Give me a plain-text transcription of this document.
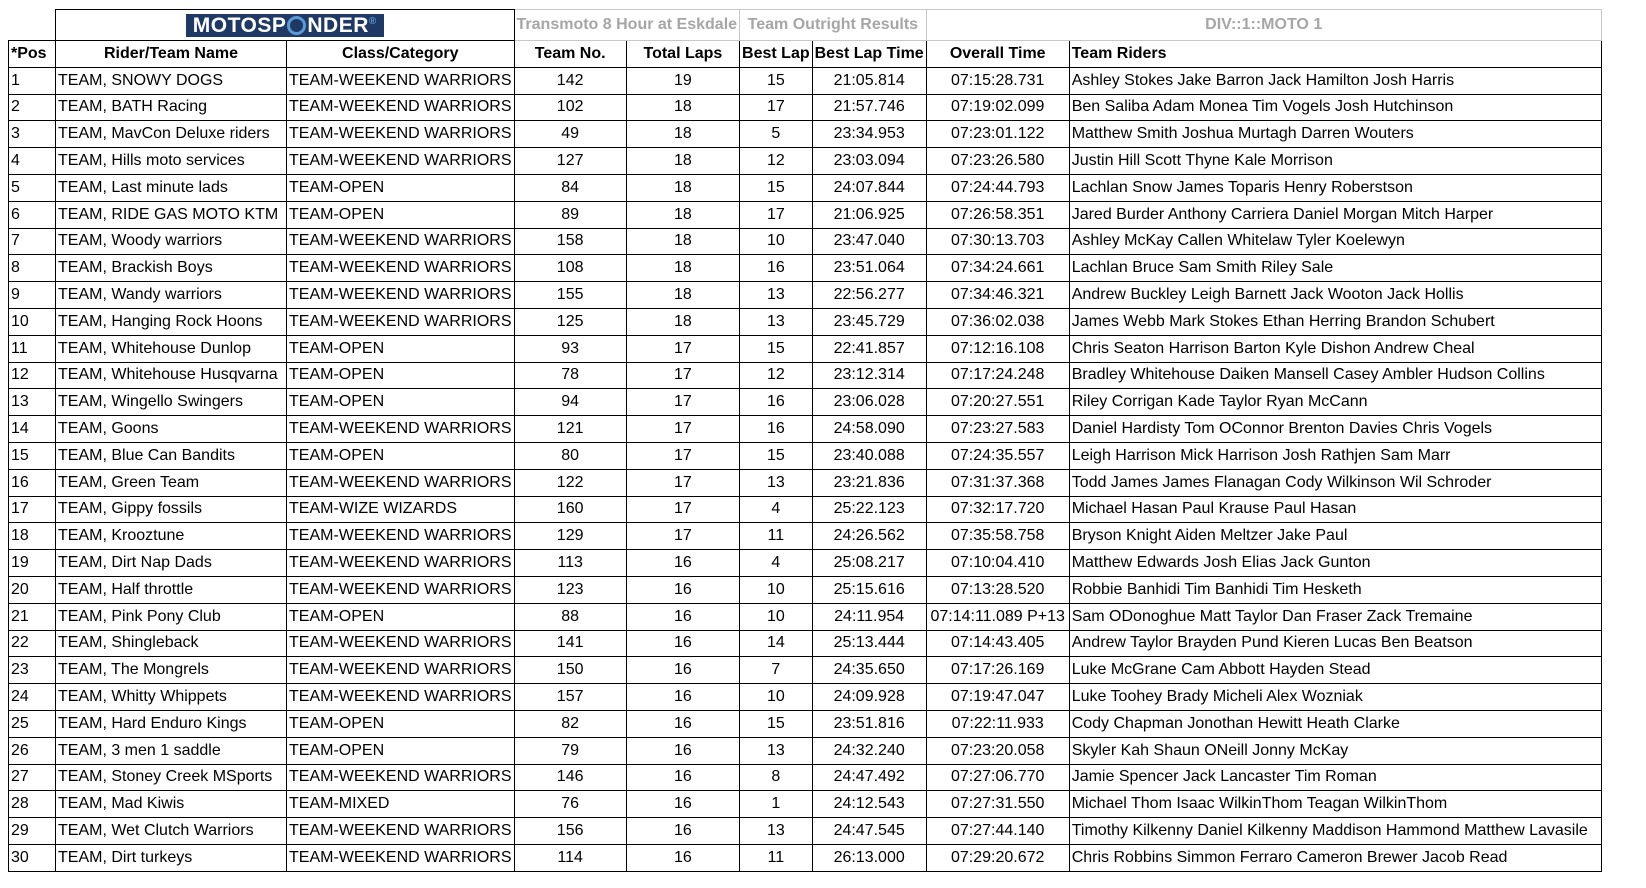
	MOTOSP NDER®		Transmoto 8 Hour at Eskdale		Team Outright Results		DIV::1::MOTO 1	
*Pos	Rider/Team Name	Class/Category	Team No.	Total Laps	Best Lap	Best Lap Time	Overall Time	Team Riders
1	TEAM, SNOWY DOGS	TEAM-WEEKEND WARRIORS	142	19	15	21:05.814	07:15:28.731	Ashley Stokes Jake Barron Jack Hamilton Josh Harris
2	TEAM, BATH Racing	TEAM-WEEKEND WARRIORS	102	18	17	21:57.746	07:19:02.099	Ben Saliba Adam Monea Tim Vogels Josh Hutchinson
3	TEAM, MavCon Deluxe riders	TEAM-WEEKEND WARRIORS	49	18	5	23:34.953	07:23:01.122	Matthew Smith Joshua Murtagh Darren Wouters
4	TEAM, Hills moto services	TEAM-WEEKEND WARRIORS	127	18	12	23:03.094	07:23:26.580	Justin Hill Scott Thyne Kale Morrison
5	TEAM, Last minute lads	TEAM-OPEN	84	18	15	24:07.844	07:24:44.793	Lachlan Snow James Toparis Henry Roberstson
6	TEAM, RIDE GAS MOTO KTM	TEAM-OPEN	89	18	17	21:06.925	07:26:58.351	Jared Burder Anthony Carriera Daniel Morgan Mitch Harper
7	TEAM, Woody warriors	TEAM-WEEKEND WARRIORS	158	18	10	23:47.040	07:30:13.703	Ashley McKay Callen Whitelaw Tyler Koelewyn
8	TEAM, Brackish Boys	TEAM-WEEKEND WARRIORS	108	18	16	23:51.064	07:34:24.661	Lachlan Bruce Sam Smith Riley Sale
9	TEAM, Wandy warriors	TEAM-WEEKEND WARRIORS	155	18	13	22:56.277	07:34:46.321	Andrew Buckley Leigh Barnett Jack Wooton Jack Hollis
10	TEAM, Hanging Rock Hoons	TEAM-WEEKEND WARRIORS	125	18	13	23:45.729	07:36:02.038	James Webb Mark Stokes Ethan Herring Brandon Schubert
11	TEAM, Whitehouse Dunlop	TEAM-OPEN	93	17	15	22:41.857	07:12:16.108	Chris Seaton Harrison Barton Kyle Dishon Andrew Cheal
12	TEAM, Whitehouse Husqvarna	TEAM-OPEN	78	17	12	23:12.314	07:17:24.248	Bradley Whitehouse Daiken Mansell Casey Ambler Hudson Collins
13	TEAM, Wingello Swingers	TEAM-OPEN	94	17	16	23:06.028	07:20:27.551	Riley Corrigan Kade Taylor Ryan McCann
14	TEAM, Goons	TEAM-WEEKEND WARRIORS	121	17	16	24:58.090	07:23:27.583	Daniel Hardisty Tom OConnor Brenton Davies Chris Vogels
15	TEAM, Blue Can Bandits	TEAM-OPEN	80	17	15	23:40.088	07:24:35.557	Leigh Harrison Mick Harrison Josh Rathjen Sam Marr
16	TEAM, Green Team	TEAM-WEEKEND WARRIORS	122	17	13	23:21.836	07:31:37.368	Todd James James Flanagan Cody Wilkinson Wil Schroder
17	TEAM, Gippy fossils	TEAM-WIZE WIZARDS	160	17	4	25:22.123	07:32:17.720	Michael Hasan Paul Krause Paul Hasan
18	TEAM, Krooztune	TEAM-WEEKEND WARRIORS	129	17	11	24:26.562	07:35:58.758	Bryson Knight Aiden Meltzer Jake Paul
19	TEAM, Dirt Nap Dads	TEAM-WEEKEND WARRIORS	113	16	4	25:08.217	07:10:04.410	Matthew Edwards Josh Elias Jack Gunton
20	TEAM, Half throttle	TEAM-WEEKEND WARRIORS	123	16	10	25:15.616	07:13:28.520	Robbie Banhidi Tim Banhidi Tim Hesketh
21	TEAM, Pink Pony Club	TEAM-OPEN	88	16	10	24:11.954	07:14:11.089 P+13	Sam ODonoghue Matt Taylor Dan Fraser Zack Tremaine
22	TEAM, Shingleback	TEAM-WEEKEND WARRIORS	141	16	14	25:13.444	07:14:43.405	Andrew Taylor Brayden Pund Kieren Lucas Ben Beatson
23	TEAM, The Mongrels	TEAM-WEEKEND WARRIORS	150	16	7	24:35.650	07:17:26.169	Luke McGrane Cam Abbott Hayden Stead
24	TEAM, Whitty Whippets	TEAM-WEEKEND WARRIORS	157	16	10	24:09.928	07:19:47.047	Luke Toohey Brady Micheli Alex Wozniak
25	TEAM, Hard Enduro Kings	TEAM-OPEN	82	16	15	23:51.816	07:22:11.933	Cody Chapman Jonothan Hewitt Heath Clarke
26	TEAM, 3 men 1 saddle	TEAM-OPEN	79	16	13	24:32.240	07:23:20.058	Skyler Kah Shaun ONeill Jonny McKay
27	TEAM, Stoney Creek MSports	TEAM-WEEKEND WARRIORS	146	16	8	24:47.492	07:27:06.770	Jamie Spencer Jack Lancaster Tim Roman
28	TEAM, Mad Kiwis	TEAM-MIXED	76	16	1	24:12.543	07:27:31.550	Michael Thom Isaac WilkinThom Teagan WilkinThom
29	TEAM, Wet Clutch Warriors	TEAM-WEEKEND WARRIORS	156	16	13	24:47.545	07:27:44.140	Timothy Kilkenny Daniel Kilkenny Maddison Hammond Matthew Lavasile
30	TEAM, Dirt turkeys	TEAM-WEEKEND WARRIORS	114	16	11	26:13.000	07:29:20.672	Chris Robbins Simmon Ferraro Cameron Brewer Jacob Read
